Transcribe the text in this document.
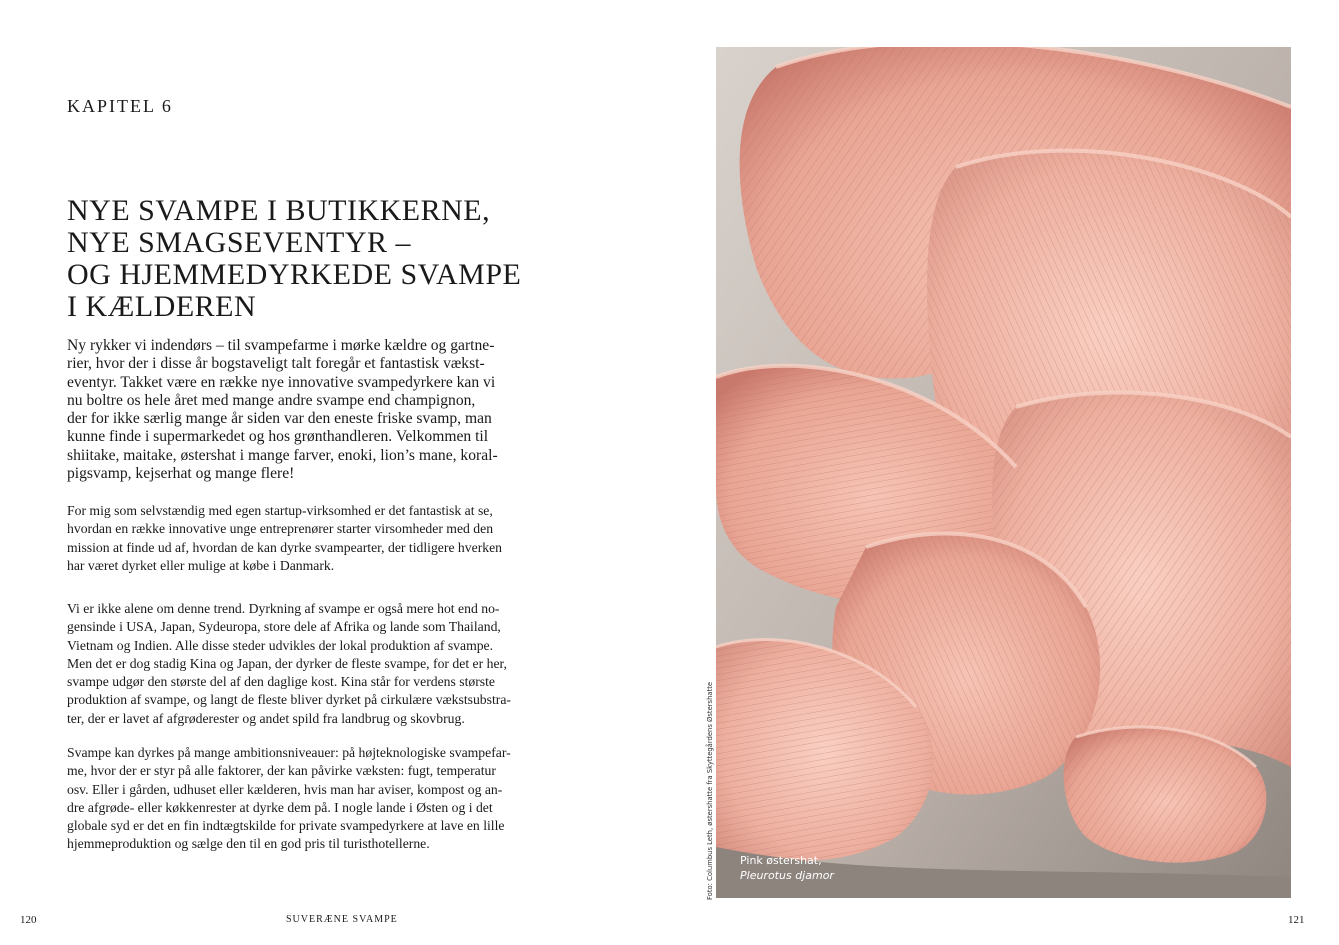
KAPITEL 6
NYE SVAMPE I BUTIKKERNE,
NYE SMAGSEVENTYR –
OG HJEMMEDYRKEDE SVAMPE
I KÆLDEREN

Ny rykker vi indendørs – til svampefarme i mørke kældre og gartne-
rier, hvor der i disse år bogstaveligt talt foregår et fantastisk vækst-
eventyr. Takket være en række nye innovative svampedyrkere kan vi
nu boltre os hele året med mange andre svampe end champignon,
der for ikke særlig mange år siden var den eneste friske svamp, man
kunne finde i supermarkedet og hos grønthandleren. Velkommen til
shiitake, maitake, østershat i mange farver, enoki, lion’s mane, koral-
pigsvamp, kejserhat og mange flere!

For mig som selvstændig med egen startup-virksomhed er det fantastisk at se,
hvordan en række innovative unge entreprenører starter virsomheder med den
mission at finde ud af, hvordan de kan dyrke svampearter, der tidligere hverken
har været dyrket eller mulige at købe i Danmark.

Vi er ikke alene om denne trend. Dyrkning af svampe er også mere hot end no-
gensinde i USA, Japan, Sydeuropa, store dele af Afrika og lande som Thailand,
Vietnam og Indien. Alle disse steder udvikles der lokal produktion af svampe.
Men det er dog stadig Kina og Japan, der dyrker de fleste svampe, for det er her,
svampe udgør den største del af den daglige kost. Kina står for verdens største
produktion af svampe, og langt de fleste bliver dyrket på cirkulære vækstsubstra-
ter, der er lavet af afgrøderester og andet spild fra landbrug og skovbrug.

Svampe kan dyrkes på mange ambitionsniveauer: på højteknologiske svampefar-
me, hvor der er styr på alle faktorer, der kan påvirke væksten: fugt, temperatur
osv. Eller i gården, udhuset eller kælderen, hvis man har aviser, kompost og an-
dre afgrøde- eller køkkenrester at dyrke dem på. I nogle lande i Østen og i det
globale syd er det en fin indtægtskilde for private svampedyrkere at lave en lille
hjemmeproduktion og sælge den til en god pris til turisthotellerne.

120	SUVERÆNE SVAMPE
Foto: Columbus Leth, østershatte fra Skyttegårdens Østershatte Pink østershat,
Pleurotus djamor
121
